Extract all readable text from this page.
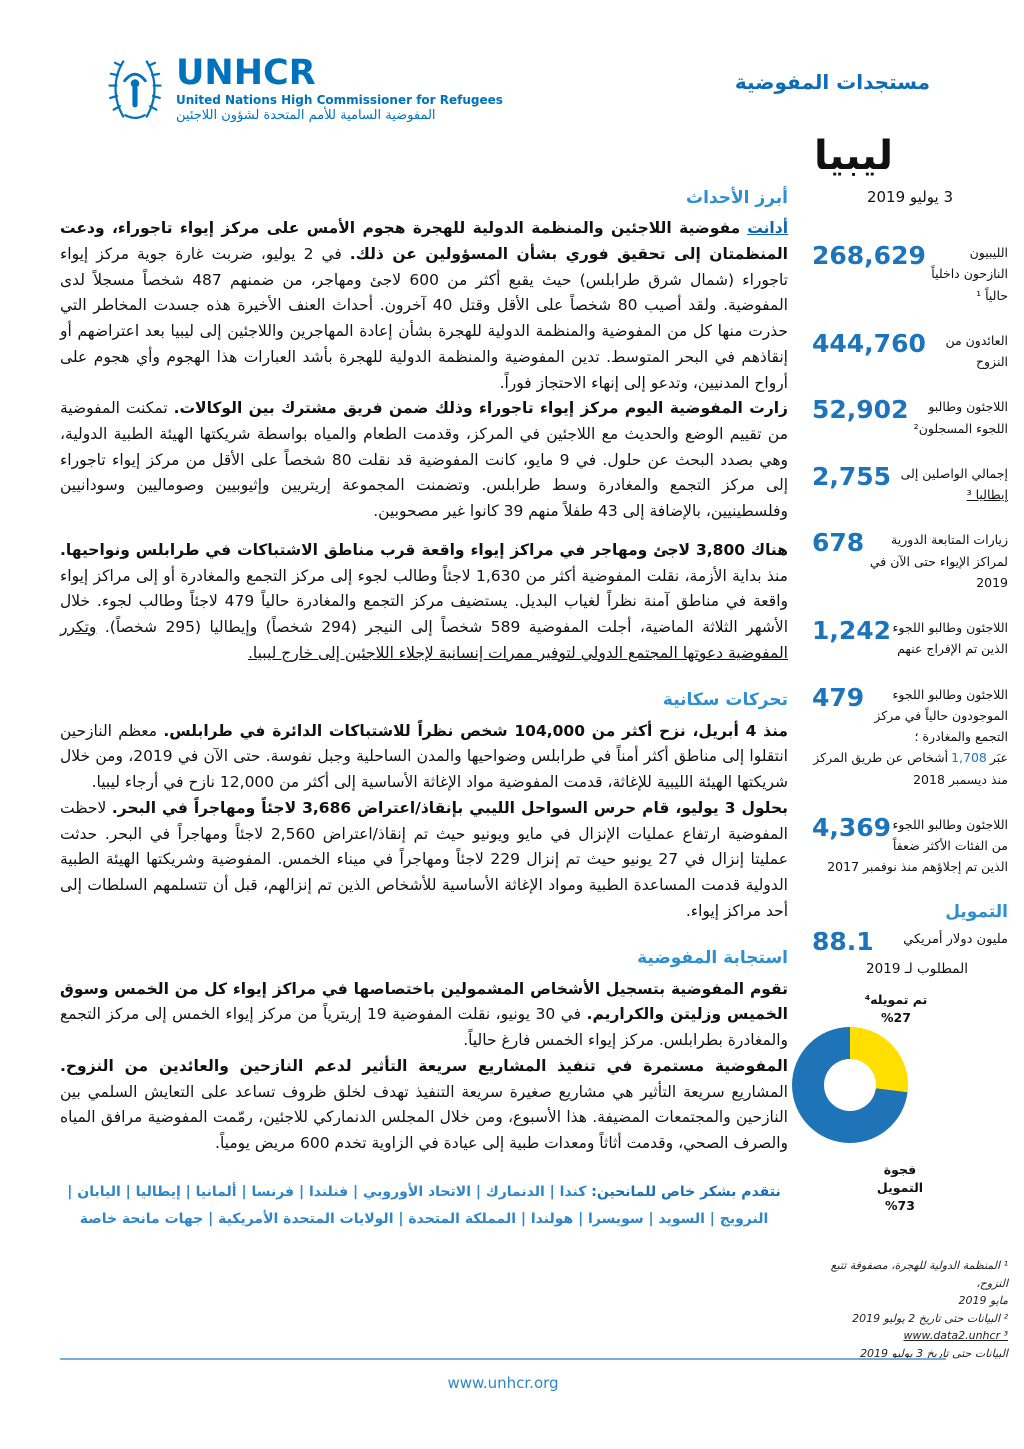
UNHCR
United Nations High Commissioner for Refugees
المفوضية السامية للأمم المتحدة لشؤون اللاجئين
مستجدات المفوضية
أبرز الأحداث

أدانت مفوضية اللاجئين والمنظمة الدولية للهجرة هجوم الأمس على مركز إيواء تاجوراء، ودعت المنظمتان إلى تحقيق فوري بشأن المسؤولين عن ذلك. في 2 يوليو، ضربت غارة جوية مركز إيواء تاجوراء (شمال شرق طرابلس) حيث يقبع أكثر من 600 لاجئ ومهاجر، من ضمنهم 487 شخصاً مسجلاً لدى المفوضية. ولقد أصيب 80 شخصاً على الأقل وقتل 40 آخرون. أحداث العنف الأخيرة هذه جسدت المخاطر التي حذرت منها كل من المفوضية والمنظمة الدولية للهجرة بشأن إعادة المهاجرين واللاجئين إلى ليبيا بعد اعتراضهم أو إنقاذهم في البحر المتوسط. تدين المفوضية والمنظمة الدولية للهجرة بأشد العبارات هذا الهجوم وأي هجوم على أرواح المدنيين، وتدعو إلى إنهاء الاحتجاز فوراً.

زارت المفوضية اليوم مركز إيواء تاجوراء وذلك ضمن فريق مشترك بين الوكالات. تمكنت المفوضية من تقييم الوضع والحديث مع اللاجئين في المركز، وقدمت الطعام والمياه بواسطة شريكتها الهيئة الطبية الدولية، وهي بصدد البحث عن حلول. في 9 مايو، كانت المفوضية قد نقلت 80 شخصاً على الأقل من مركز إيواء تاجوراء إلى مركز التجمع والمغادرة وسط طرابلس. وتضمنت المجموعة إريتريين وإثيوبيين وصوماليين وسودانيين وفلسطينيين، بالإضافة إلى 43 طفلاً منهم 39 كانوا غير مصحوبين.

هناك 3,800 لاجئ ومهاجر في مراكز إيواء واقعة قرب مناطق الاشتباكات في طرابلس ونواحيها. منذ بداية الأزمة، نقلت المفوضية أكثر من 1,630 لاجئاً وطالب لجوء إلى مركز التجمع والمغادرة أو إلى مراكز إيواء واقعة في مناطق آمنة نظراً لغياب البديل. يستضيف مركز التجمع والمغادرة حالياً 479 لاجئاً وطالب لجوء. خلال الأشهر الثلاثة الماضية، أجلت المفوضية 589 شخصاً إلى النيجر (294 شخصاً) وإيطاليا (295 شخصاً). وتكرر المفوضية دعوتها المجتمع الدولي لتوفير ممرات إنسانية لإجلاء اللاجئين إلى خارج ليبيا.

تحركات سكانية

منذ 4 أبريل، نزح أكثر من 104,000 شخص نظراً للاشتباكات الدائرة في طرابلس. معظم النازحين انتقلوا إلى مناطق أكثر أمناً في طرابلس وضواحيها والمدن الساحلية وجبل نفوسة. حتى الآن في 2019، ومن خلال شريكتها الهيئة الليبية للإغاثة، قدمت المفوضية مواد الإغاثة الأساسية إلى أكثر من 12,000 نازح في أرجاء ليبيا.

بحلول 3 يوليو، قام حرس السواحل الليبي بإنقاذ/اعتراض 3,686 لاجئاً ومهاجراً في البحر. لاحظت المفوضية ارتفاع عمليات الإنزال في مايو ويونيو حيث تم إنقاذ/اعتراض 2,560 لاجئاً ومهاجراً في البحر. حدثت عمليتا إنزال في 27 يونيو حيث تم إنزال 229 لاجئاً ومهاجراً في ميناء الخمس. المفوضية وشريكتها الهيئة الطبية الدولية قدمت المساعدة الطبية ومواد الإغاثة الأساسية للأشخاص الذين تم إنزالهم، قبل أن تتسلمهم السلطات إلى أحد مراكز إيواء.

استجابة المفوضية

تقوم المفوضية بتسجيل الأشخاص المشمولين باختصاصها في مراكز إيواء كل من الخمس وسوق الخميس وزليتن والكراريم. في 30 يونيو، نقلت المفوضية 19 إريترياً من مركز إيواء الخمس إلى مركز التجمع والمغادرة بطرابلس. مركز إيواء الخمس فارغ حالياً.

المفوضية مستمرة في تنفيذ المشاريع سريعة التأثير لدعم النازحين والعائدين من النزوح. المشاريع سريعة التأثير هي مشاريع صغيرة سريعة التنفيذ تهدف لخلق ظروف تساعد على التعايش السلمي بين النازحين والمجتمعات المضيفة. هذا الأسبوع، ومن خلال المجلس الدنماركي للاجئين، رمّمت المفوضية مرافق المياه والصرف الصحي، وقدمت أثاثاً ومعدات طبية إلى عيادة في الزاوية تخدم 600 مريض يومياً.

نتقدم بشكر خاص للمانحين: كندا | الدنمارك | الاتحاد الأوروبي | فنلندا | فرنسا | ألمانيا | إيطاليا | اليابان | النرويج | السويد | سويسرا | هولندا | المملكة المتحدة | الولايات المتحدة الأمريكية | جهات مانحة خاصة

ليبيا
3 يوليو 2019
268,629	الليبيون النازحون داخلياً حالياً ¹
444,760	العائدون من النزوح
52,902	اللاجئون وطالبو اللجوء المسجلون²
2,755 إجمالي الواصلين إلى إيطاليا ³
678	زيارات المتابعة الدورية لمراكز الإيواء حتى الآن في 2019
1,242 اللاجئون وطالبو اللجوء الذين تم الإفراج عنهم
479	اللاجئون وطالبو اللجوء الموجودون حالياً في مركز التجمع والمغادرة ؛ عبَر1,708أشخاص عن طريق المركز منذ ديسمبر 2018
4,369 اللاجئون وطالبو اللجوء من الفئات الأكثر ضعفاً الذين تم إجلاؤهم منذ نوفمبر 2017
التمويل
88.1 مليون دولار أمريكي
المطلوب لـ 2019
تم تمويله⁴
%27
فجوة التمويل
%73
¹ المنظمة الدولية للهجرة، مصفوفة تتبع النزوح،
مايو 2019
² البيانات حتى تاريخ 2 يوليو 2019
www.data2.unhcr ³
البيانات حتى تاريخ 3 يوليو 2019
www.unhcr.org
